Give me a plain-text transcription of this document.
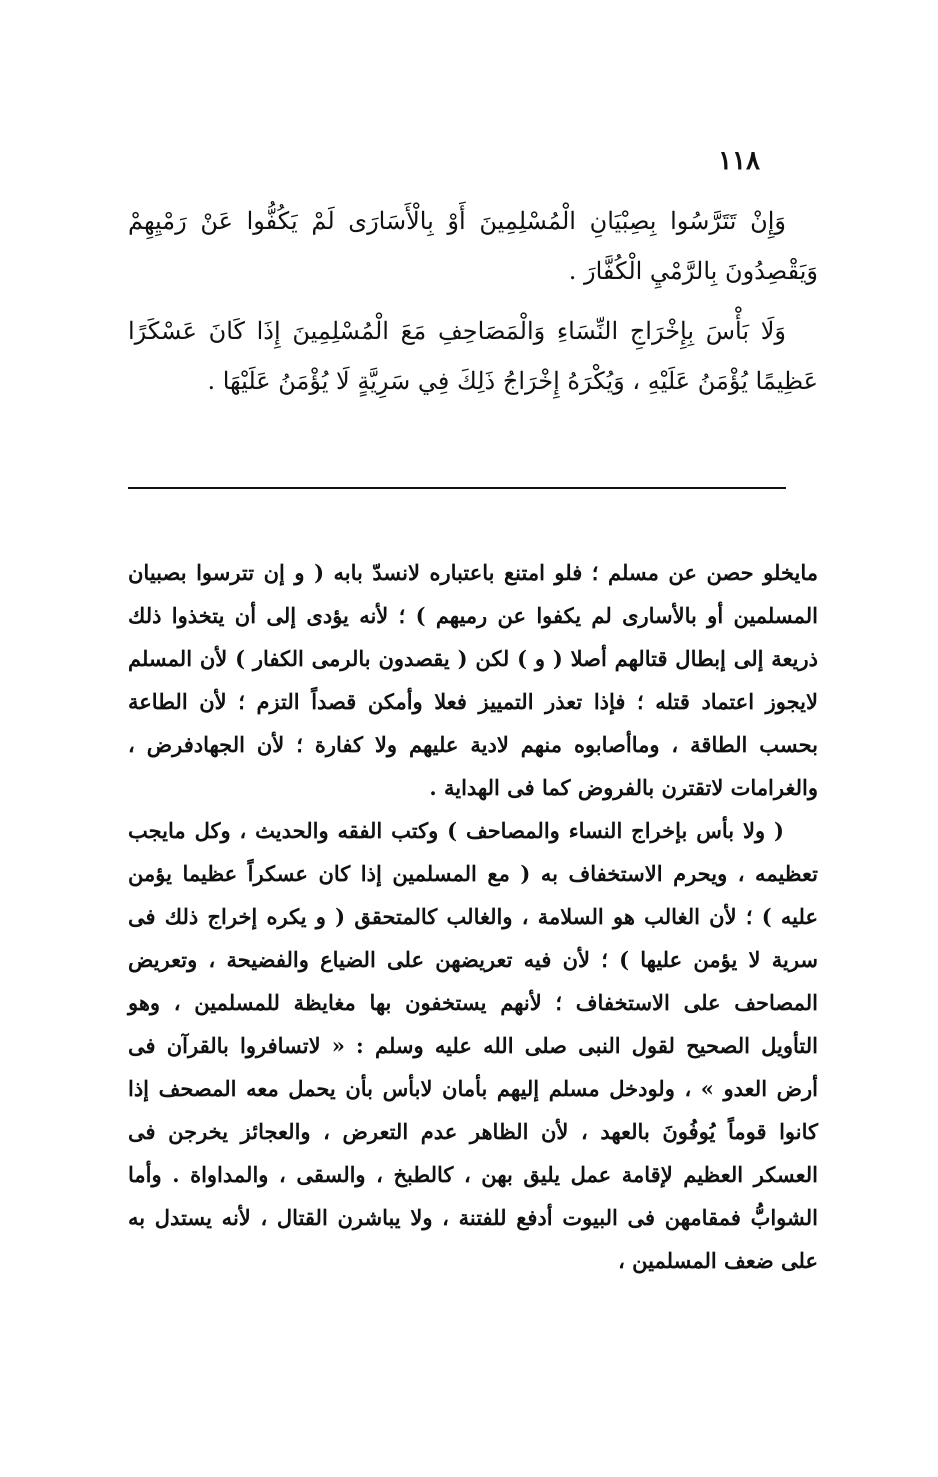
١١٨

وَإِنْ تَتَرَّسُوا بِصِبْيَانِ الْمُسْلِمِينَ أَوْ بِالْأَسَارَى لَمْ يَكُفُّوا عَنْ رَمْيِهِمْ وَيَقْصِدُونَ بِالرَّمْيِ الْكُفَّارَ .

وَلَا بَأْسَ بِإِخْرَاجِ النِّسَاءِ وَالْمَصَاحِفِ مَعَ الْمُسْلِمِينَ إِذَا كَانَ عَسْكَرًا عَظِيمًا يُؤْمَنُ عَلَيْهِ ، وَيُكْرَهُ إِخْرَاجُ ذَلِكَ فِي سَرِيَّةٍ لَا يُؤْمَنُ عَلَيْهَا .

مايخلو حصن عن مسلم ؛ فلو امتنع باعتباره لانسدّ بابه ( و إن تترسوا بصبيان المسلمين أو بالأسارى لم يكفوا عن رميهم ) ؛ لأنه يؤدى إلى أن يتخذوا ذلك ذريعة إلى إبطال قتالهم أصلا ( و ) لكن ( يقصدون بالرمى الكفار ) لأن المسلم لايجوز اعتماد قتله ؛ فإذا تعذر التمييز فعلا وأمكن قصداً التزم ؛ لأن الطاعة بحسب الطاقة ، وماأصابوه منهم لادية عليهم ولا كفارة ؛ لأن الجهادفرض ، والغرامات لاتقترن بالفروض كما فى الهداية .

( ولا بأس بإخراج النساء والمصاحف ) وكتب الفقه والحديث ، وكل مايجب تعظيمه ، ويحرم الاستخفاف به ( مع المسلمين إذا كان عسكراً عظيما يؤمن عليه ) ؛ لأن الغالب هو السلامة ، والغالب كالمتحقق ( و يكره إخراج ذلك فى سرية لا يؤمن عليها ) ؛ لأن فيه تعريضهن على الضياع والفضيحة ، وتعريض المصاحف على الاستخفاف ؛ لأنهم يستخفون بها مغايظة للمسلمين ، وهو التأويل الصحيح لقول النبى صلى الله عليه وسلم : « لاتسافروا بالقرآن فى أرض العدو » ، ولودخل مسلم إليهم بأمان لابأس بأن يحمل معه المصحف إذا كانوا قوماً يُوفُونَ بالعهد ، لأن الظاهر عدم التعرض ، والعجائز يخرجن فى العسكر العظيم لإقامة عمل يليق بهن ، كالطبخ ، والسقى ، والمداواة . وأما الشوابُّ فمقامهن فى البيوت أدفع للفتنة ، ولا يباشرن القتال ، لأنه يستدل به على ضعف المسلمين ،
